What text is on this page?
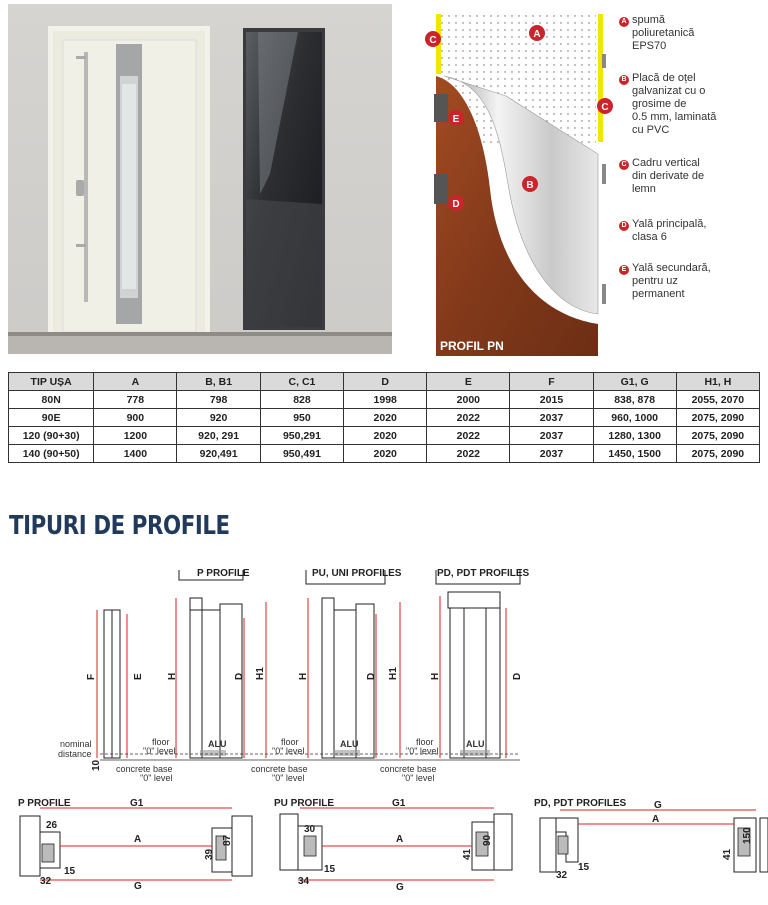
A
B
C
C
D
E
PROFIL PN
A spumă
poliuretanică
EPS70
B Placă de oțel
galvanizat cu o
grosime de
0.5 mm, laminată
cu PVC
C Cadru vertical
din derivate de
lemn
D Yală principală,
clasa 6
E Yală secundară,
pentru uz
permanent
TIP UȘA	A	B, B1	C, C1	D	E	F	G1, G	H1, H
80N	778	798	828	1998	2000	2015	838, 878	2055, 2070
90E	900	920	950	2020	2022	2037	960, 1000	2075, 2090
120 (90+30)	1200	920, 291	950,291	2020	2022	2037	1280, 1300	2075, 2090
140 (90+50)	1400	920,491	950,491	2020	2022	2037	1450, 1500	2075, 2090
TIPURI DE PROFILE
P PROFILE	PU, UNI PROFILES	PD, PDT PROFILES
F	E
nominal distance
10
H	D H1
ALU
H	D H1
ALU
H	D
ALU
floor "0" level
floor "0" level
floor "0" level
concrete base "0" level
concrete base "0" level
concrete base "0" level
P PROFILE	G1
A
G
26
32
15
39
87
PU PROFILE	G1
A
G
30
34
15
41
90
PD, PDT PROFILES	G
A
32
15
41
150
